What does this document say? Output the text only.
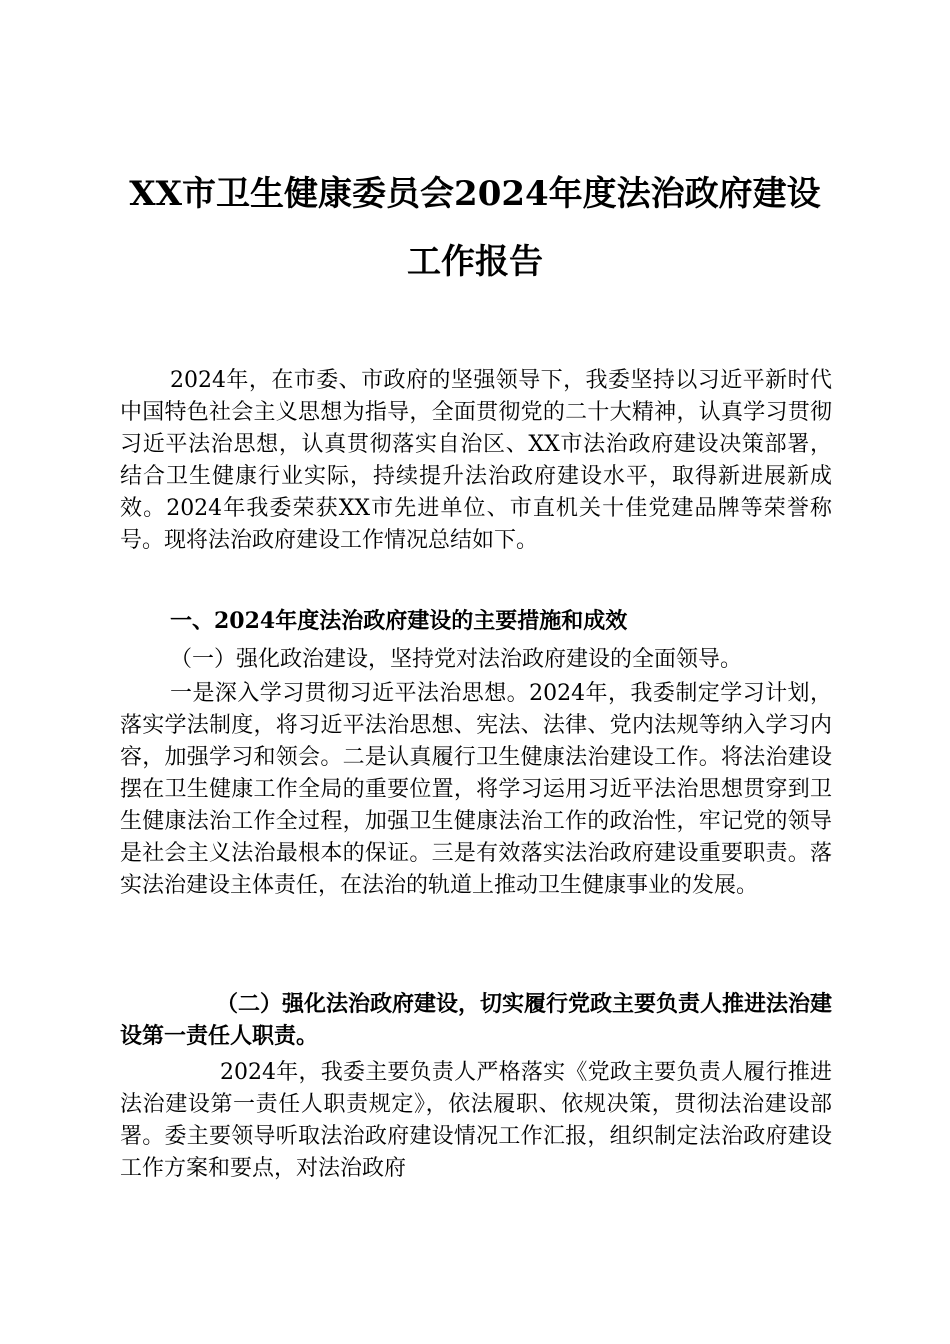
XX市卫生健康委员会2024年度法治政府建设
工作报告

2024年，在市委、市政府的坚强领导下，我委坚持以习近平新时代中国特色社会主义思想为指导，全面贯彻党的二十大精神，认真学习贯彻习近平法治思想，认真贯彻落实自治区、XX市法治政府建设决策部署，结合卫生健康行业实际，持续提升法治政府建设水平，取得新进展新成效。2024年我委荣获XX市先进单位、市直机关十佳党建品牌等荣誉称号。现将法治政府建设工作情况总结如下。

一、2024年度法治政府建设的主要措施和成效

（一）强化政治建设，坚持党对法治政府建设的全面领导。

一是深入学习贯彻习近平法治思想。2024年，我委制定学习计划，落实学法制度，将习近平法治思想、宪法、法律、党内法规等纳入学习内容，加强学习和领会。二是认真履行卫生健康法治建设工作。将法治建设摆在卫生健康工作全局的重要位置，将学习运用习近平法治思想贯穿到卫生健康法治工作全过程，加强卫生健康法治工作的政治性，牢记党的领导是社会主义法治最根本的保证。三是有效落实法治政府建设重要职责。落实法治建设主体责任，在法治的轨道上推动卫生健康事业的发展。

（二）强化法治政府建设，切实履行党政主要负责人推进法治建设第一责任人职责。

2024年，我委主要负责人严格落实《党政主要负责人履行推进法治建设第一责任人职责规定》，依法履职、依规决策，贯彻法治建设部署。委主要领导听取法治政府建设情况工作汇报，组织制定法治政府建设工作方案和要点，对法治政府
